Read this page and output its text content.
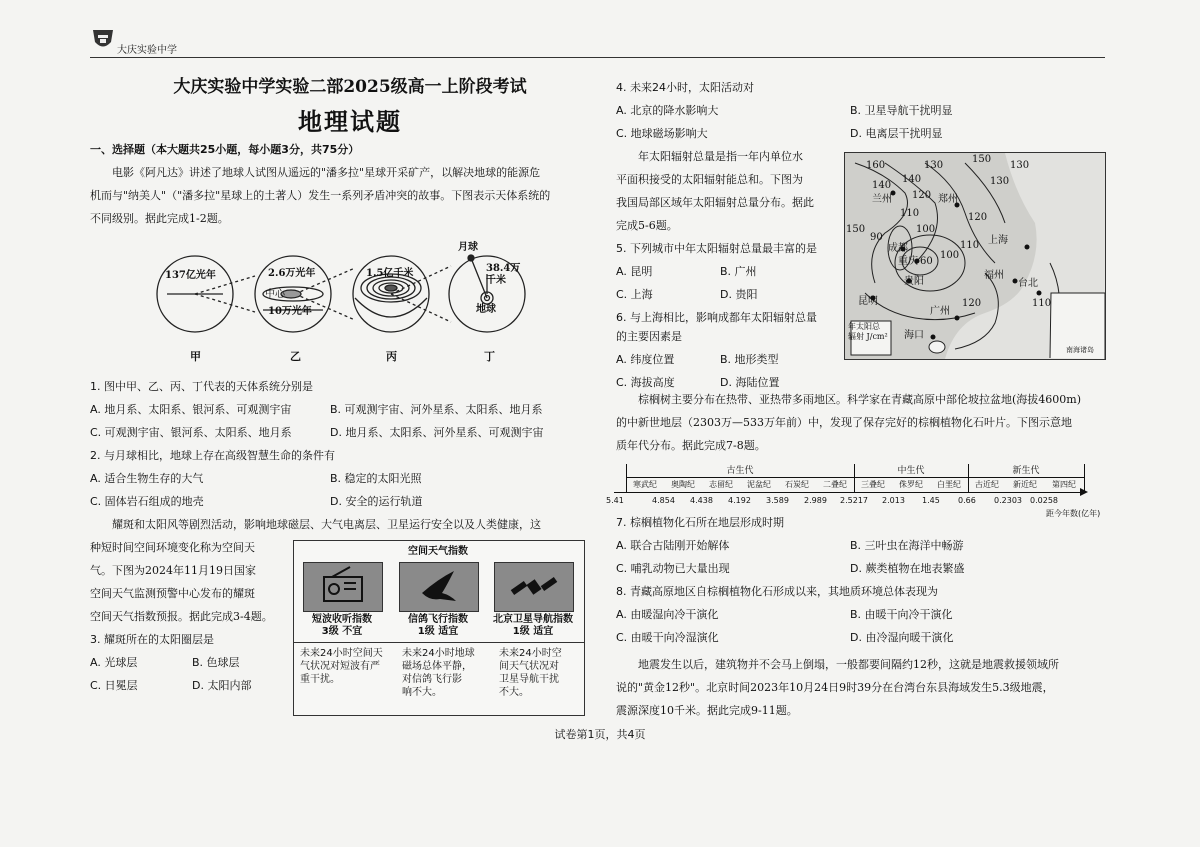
大庆实验中学
大庆实验中学实验二部2025级高一上阶段考试
地理试题
一、选择题（本大题共25小题，每小题3分，共75分）
电影《阿凡达》讲述了地球人试图从遥远的"潘多拉"星球开采矿产，以解决地球的能源危
机而与"纳美人"（"潘多拉"星球上的土著人）发生一系列矛盾冲突的故事。下图表示天体系统的
不同级别。据此完成1-2题。
137亿光年	2.6万光年
中心
10万光年
1.5亿千米
月球
38.4万千米
地球
甲	乙	丙	丁
1. 图中甲、乙、丙、丁代表的天体系统分别是
A. 地月系、太阳系、银河系、可观测宇宙	B. 可观测宇宙、河外星系、太阳系、地月系
C. 可观测宇宙、银河系、太阳系、地月系	D. 地月系、太阳系、河外星系、可观测宇宙
2. 与月球相比，地球上存在高级智慧生命的条件有
A. 适合生物生存的大气	B. 稳定的太阳光照
C. 固体岩石组成的地壳	D. 安全的运行轨道
耀斑和太阳风等剧烈活动，影响地球磁层、大气电离层、卫星运行安全以及人类健康，这
种短时间空间环境变化称为空间天
气。下图为2024年11月19日国家
空间天气监测预警中心发布的耀斑
空间天气指数预报。据此完成3-4题。
空间天气指数
短波收听指数
3级 不宜
信鸽飞行指数
1级 适宜
北京卫星导航指数
1级 适宜
未来24小时空间天
气状况对短波有严
重干扰。
未来24小时地球
磁场总体平静，
对信鸽飞行影
响不大。
未来24小时空
间天气状况对
卫星导航干扰
不大。
3. 耀斑所在的太阳圈层是
A. 光球层	B. 色球层
C. 日冕层	D. 太阳内部
4. 未来24小时，太阳活动对
A. 北京的降水影响大	B. 卫星导航干扰明显
C. 地球磁场影响大	D. 电离层干扰明显
年太阳辐射总量是指一年内单位水
平面积接受的太阳辐射能总和。下图为
我国局部区域年太阳辐射总量分布。据此
完成5-6题。
5. 下列城市中年太阳辐射总量最丰富的是
A. 昆明	B. 广州
C. 上海	D. 贵阳
6. 与上海相比，影响成都年太阳辐射总量
的主要因素是
A. 纬度位置	B. 地形类型
C. 海拔高度	D. 海陆位置
兰州	郑州
成都
重庆
贵阳
昆明
上海
福州
台北
广州
海口
160
150
140
130
120
110
100
90
60
130
120
110
100
150
140	130
120	110
年太阳总
辐射 J/cm²
南海诸岛
棕榈树主要分布在热带、亚热带多雨地区。科学家在青藏高原中部伦坡拉盆地(海拔4600m)
的中新世地层（2303万—533万年前）中，发现了保存完好的棕榈植物化石叶片。下图示意地
质年代分布。据此完成7-8题。
古生代	中生代	新生代
寒武纪	奥陶纪	志留纪	泥盆纪	石炭纪	二叠纪	三叠纪	侏罗纪	白垩纪	古近纪	新近纪	第四纪
5.41	4.854 4.438 4.192 3.589 2.989 2.5217 2.013 1.45 0.66 0.2303 0.0258
距今年数(亿年)
7. 棕榈植物化石所在地层形成时期
A. 联合古陆刚开始解体	B. 三叶虫在海洋中畅游
C. 哺乳动物已大量出现	D. 蕨类植物在地表繁盛
8. 青藏高原地区自棕榈植物化石形成以来，其地质环境总体表现为
A. 由暖湿向冷干演化	B. 由暖干向冷干演化
C. 由暖干向冷湿演化	D. 由冷湿向暖干演化
地震发生以后，建筑物并不会马上倒塌，一般都要间隔约12秒，这就是地震救援领域所
说的"黄金12秒"。北京时间2023年10月24日9时39分在台湾台东县海域发生5.3级地震，
震源深度10千米。据此完成9-11题。
试卷第1页，共4页
